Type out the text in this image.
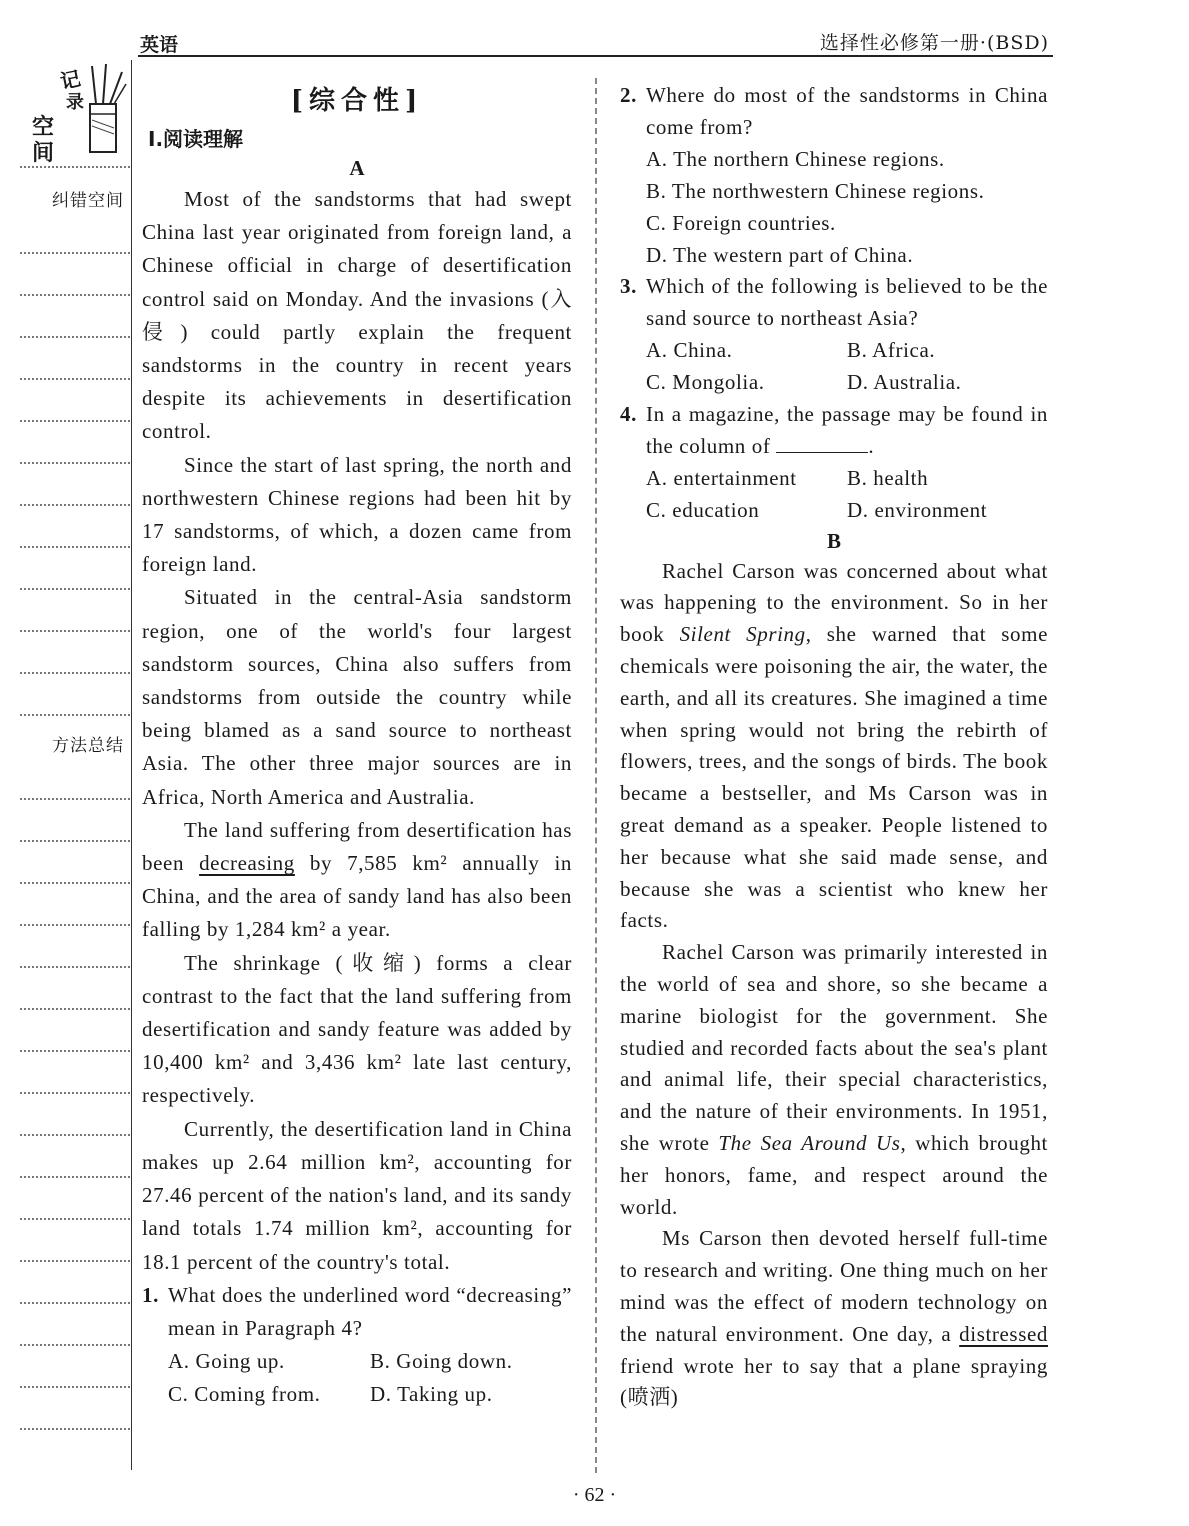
英语	选择性必修第一册·(BSD)
记
录
空
间
纠错空间
方法总结
[综合性]
Ⅰ.阅读理解
A

Most of the sandstorms that had swept China last year originated from foreign land, a Chinese official in charge of desertification control said on Monday. And the invasions (入侵) could partly explain the frequent sandstorms in the country in recent years despite its achievements in desertification control.

Since the start of last spring, the north and northwestern Chinese regions had been hit by 17 sandstorms, of which, a dozen came from foreign land.

Situated in the central-Asia sandstorm region, one of the world's four largest sandstorm sources, China also suffers from sandstorms from outside the country while being blamed as a sand source to northeast Asia. The other three major sources are in Africa, North America and Australia.

The land suffering from desertification has been decreasing by 7,585 km² annually in China, and the area of sandy land has also been falling by 1,284 km² a year.

The shrinkage (收缩) forms a clear contrast to the fact that the land suffering from desertification and sandy feature was added by 10,400 km² and 3,436 km² late last century, respectively.

Currently, the desertification land in China makes up 2.64 million km², accounting for 27.46 percent of the nation's land, and its sandy land totals 1.74 million km², accounting for 18.1 percent of the country's total.

1. What does the underlined word “decreasing” mean in Paragraph 4?
A. Going up.	B. Going down.
C. Coming from.	D. Taking up.
2. Where do most of the sandstorms in China come from?
A. The northern Chinese regions.
B. The northwestern Chinese regions.
C. Foreign countries.
D. The western part of China.
3. Which of the following is believed to be the sand source to northeast Asia?
A. China.	B. Africa.
C. Mongolia.	D. Australia.
4. In a magazine, the passage may be found in the column of	.
A. entertainment	B. health
C. education	D. environment
B

Rachel Carson was concerned about what was happening to the environment. So in her book Silent Spring, she warned that some chemicals were poisoning the air, the water, the earth, and all its creatures. She imagined a time when spring would not bring the rebirth of flowers, trees, and the songs of birds. The book became a bestseller, and Ms Carson was in great demand as a speaker. People listened to her because what she said made sense, and because she was a scientist who knew her facts.

Rachel Carson was primarily interested in the world of sea and shore, so she became a marine biologist for the government. She studied and recorded facts about the sea's plant and animal life, their special characteristics, and the nature of their environments. In 1951, she wrote The Sea Around Us, which brought her honors, fame, and respect around the world.

Ms Carson then devoted herself full-time to research and writing. One thing much on her mind was the effect of modern technology on the natural environment. One day, a distressed friend wrote her to say that a plane spraying (喷洒)

· 62 ·
